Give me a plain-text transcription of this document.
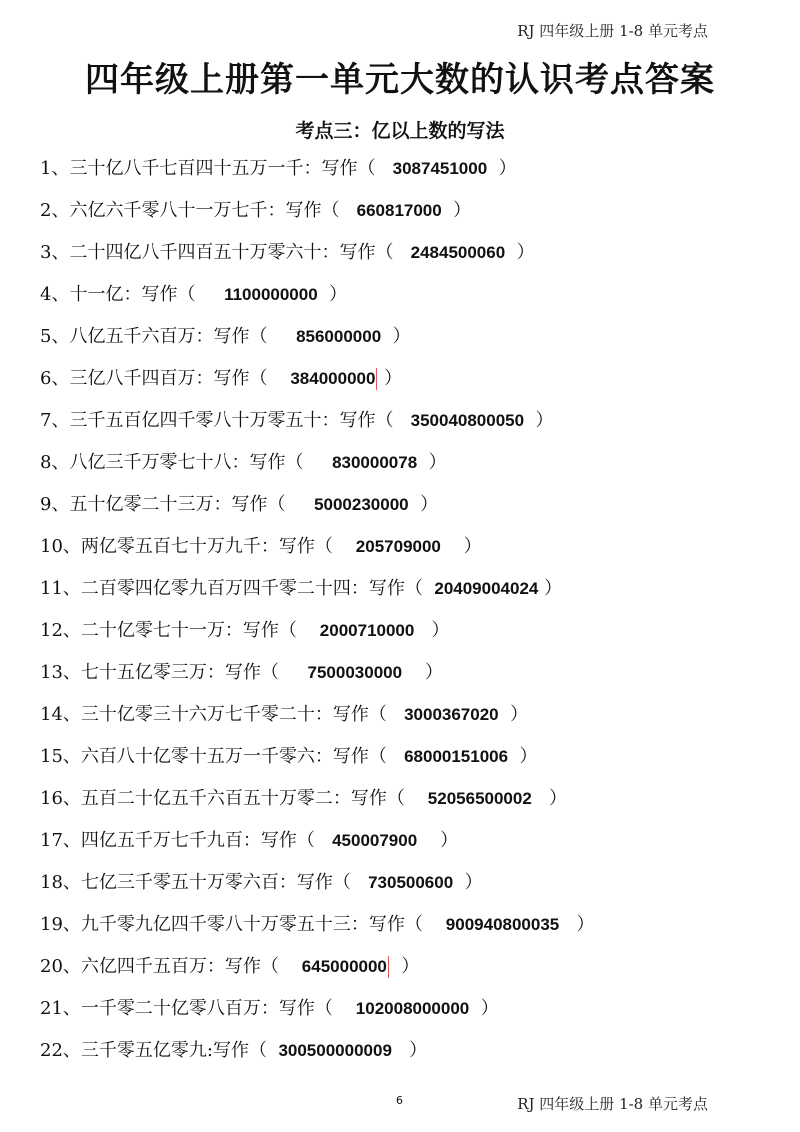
RJ 四年级上册 1-8 单元考点
四年级上册第一单元大数的认识考点答案
考点三：亿以上数的写法
1、三十亿八千七百四十五万一千：写作（ 3087451000 ）
2、六亿六千零八十一万七千：写作（ 660817000 ）
3、二十四亿八千四百五十万零六十：写作（ 2484500060 ）
4、十一亿：写作（ 1100000000 ）
5、八亿五千六百万：写作（ 856000000 ）
6、三亿八千四百万：写作（ 384000000 ）
7、三千五百亿四千零八十万零五十：写作（ 350040800050 ）
8、八亿三千万零七十八：写作（ 830000078 ）
9、五十亿零二十三万：写作（ 5000230000 ）
10、两亿零五百七十万九千：写作（ 205709000 ）
11、二百零四亿零九百万四千零二十四：写作（ 20409004024 ）
12、二十亿零七十一万：写作（ 2000710000 ）
13、七十五亿零三万：写作（ 7500030000 ）
14、三十亿零三十六万七千零二十：写作（ 3000367020 ）
15、六百八十亿零十五万一千零六：写作（ 68000151006 ）
16、五百二十亿五千六百五十万零二：写作（ 52056500002 ）
17、四亿五千万七千九百：写作（ 450007900 ）
18、七亿三千零五十万零六百：写作（ 730500600 ）
19、九千零九亿四千零八十万零五十三：写作（ 900940800035 ）
20、六亿四千五百万：写作（ 645000000 ）
21、一千零二十亿零八百万：写作（ 102008000000 ）
22、三千零五亿零九:写作（ 300500000009 ）
6	RJ 四年级上册 1-8 单元考点
